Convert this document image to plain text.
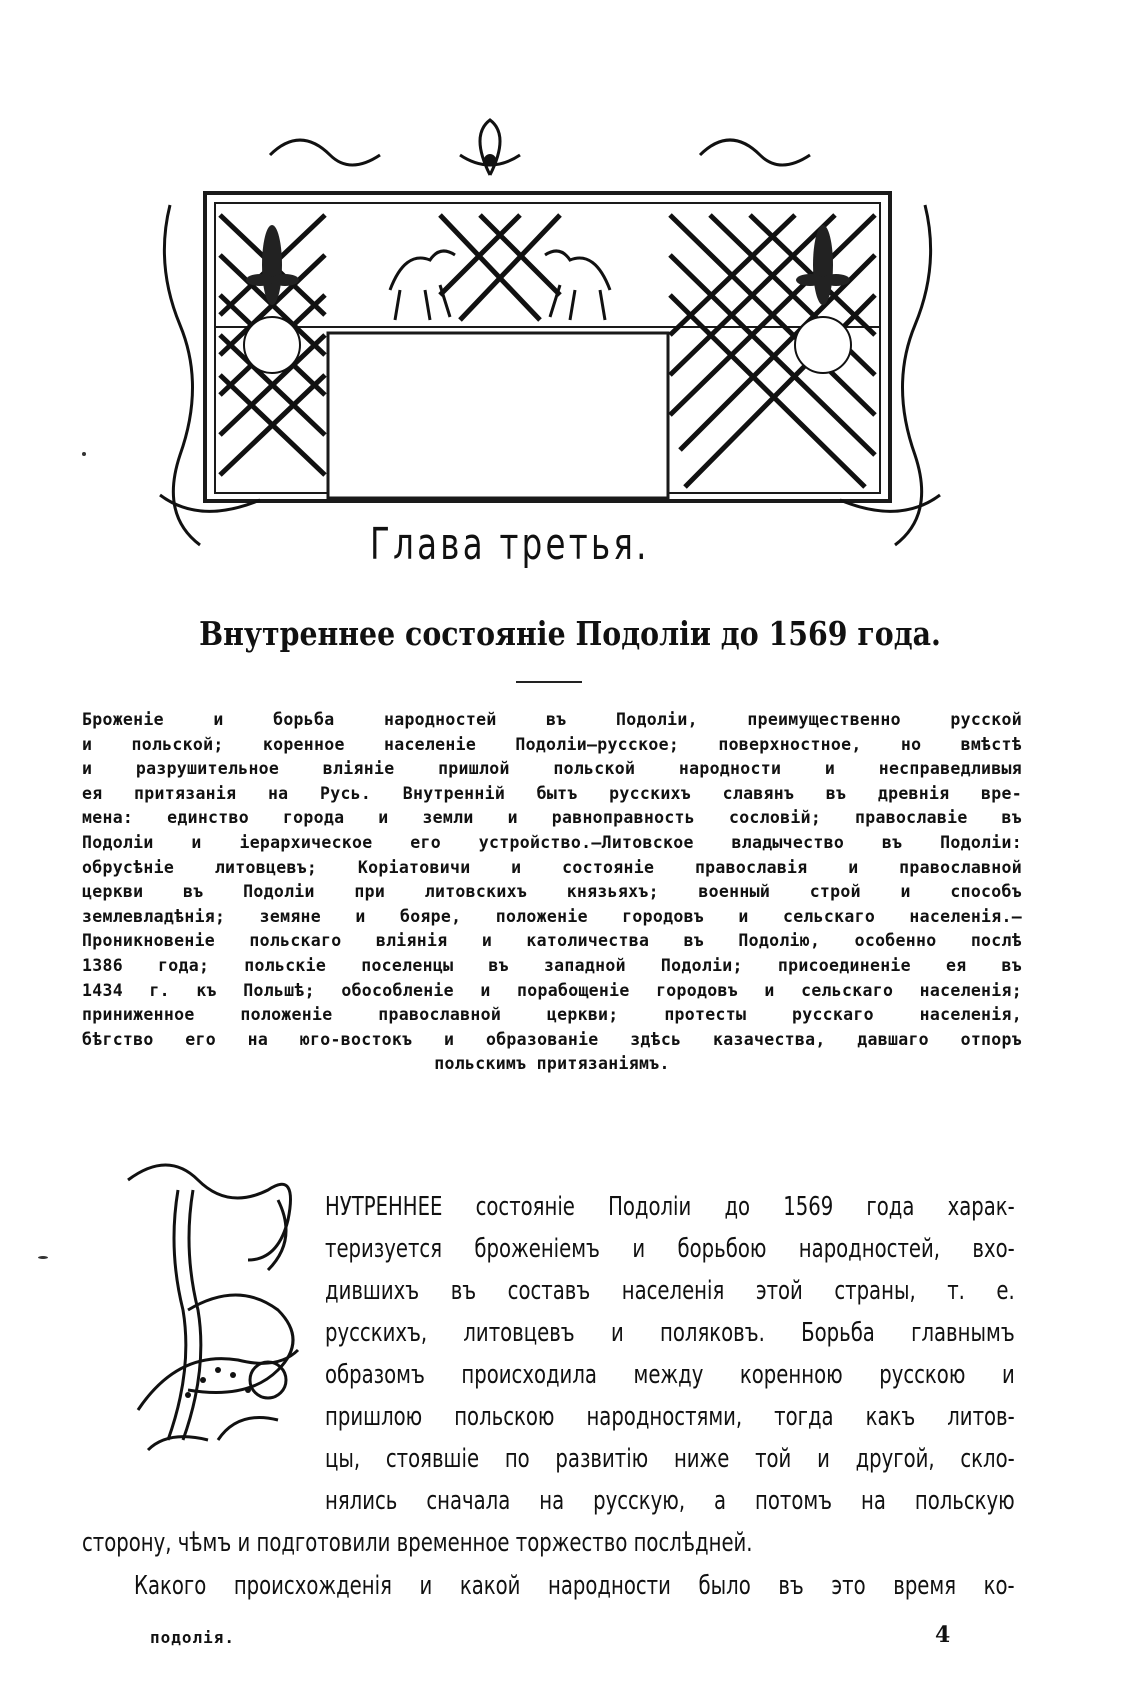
Глава третья.
Внутреннее состояніе Подоліи до 1569 года.
Броженіе и борьба народностей въ Подоліи, преимущественно русской
и польской; коренное населеніе Подоліи—русское; поверхностное, но вмѣстѣ
и разрушительное вліяніе пришлой польской народности и несправедливыя
ея притязанія на Русь. Внутренній бытъ русскихъ славянъ въ древнія вре-
мена: единство города и земли и равноправность сословій; православіе въ
Подоліи и іерархическое его устройство.—Литовское владычество въ Подоліи:
обрусѣніе литовцевъ; Коріатовичи и состояніе православія и православной
церкви въ Подоліи при литовскихъ князьяхъ; военный строй и способъ
землевладѣнія; земяне и бояре, положеніе городовъ и сельскаго населенія.—
Проникновеніе польскаго вліянія и католичества въ Подолію, особенно послѣ
1386 года; польскіе поселенцы въ западной Подоліи; присоединеніе ея въ
1434 г. къ Польшѣ; обособленіе и порабощеніе городовъ и сельскаго населенія;
приниженное положеніе православной церкви; протесты русскаго населенія,
бѣгство его на юго-востокъ и образованіе здѣсь казачества, давшаго отпоръ
польскимъ притязаніямъ.
НУТРЕННЕЕ состояніе Подоліи до 1569 года харак-
теризуется броженіемъ и борьбою народностей, вхо-
дившихъ въ составъ населенія этой страны, т. е.
русскихъ, литовцевъ и поляковъ. Борьба главнымъ
образомъ происходила между коренною русскою и
пришлою польскою народностями, тогда какъ литов-
цы, стоявшіе по развитію ниже той и другой, скло-
нялись сначала на русскую, а потомъ на польскую
сторону, чѣмъ и подготовили временное торжество послѣдней.
Какого происхожденія и какой народности было въ это время ко-
подолія.	4
